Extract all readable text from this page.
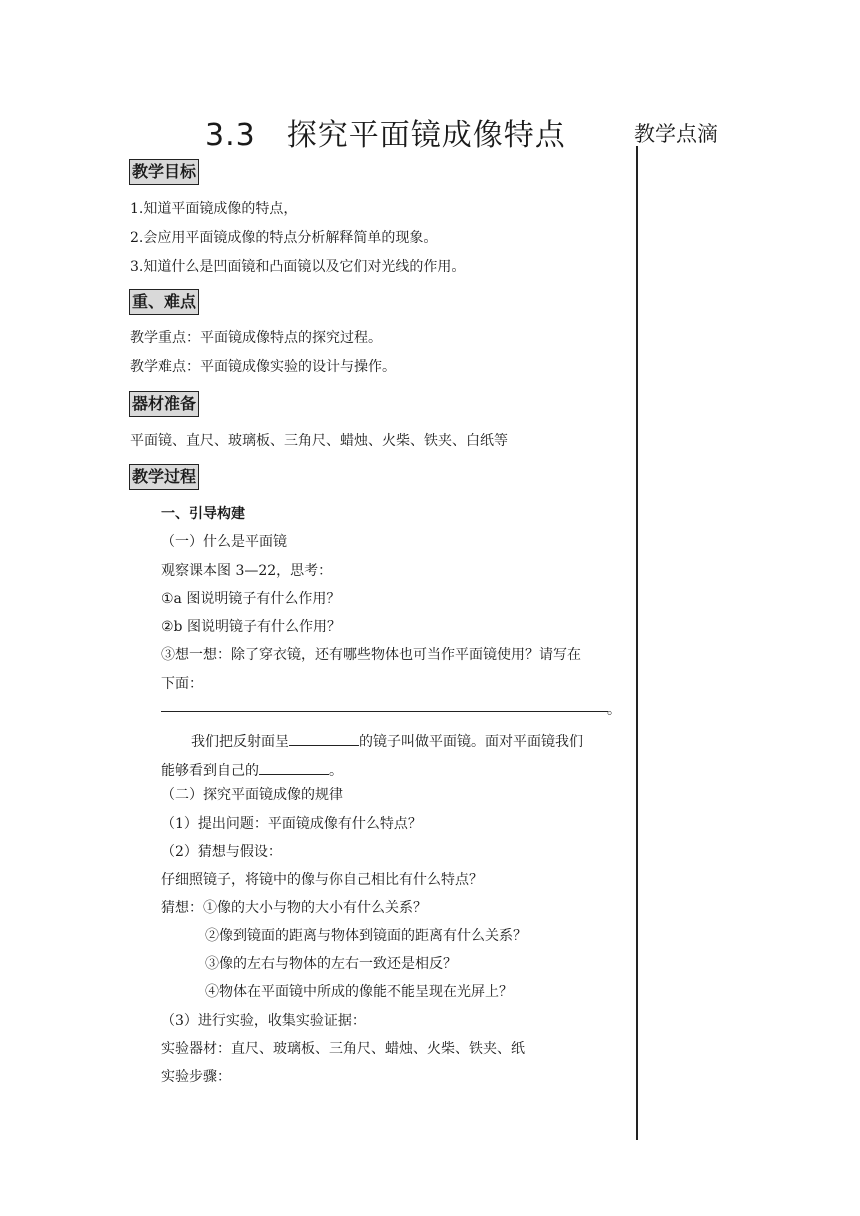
3.3　探究平面镜成像特点	教学点滴
教学目标
1.知道平面镜成像的特点，
2.会应用平面镜成像的特点分析解释简单的现象。
3.知道什么是凹面镜和凸面镜以及它们对光线的作用。
重、难点
教学重点：平面镜成像特点的探究过程。
教学难点：平面镜成像实验的设计与操作。
器材准备
平面镜、直尺、玻璃板、三角尺、蜡烛、火柴、铁夹、白纸等
教学过程
一、引导构建
（一）什么是平面镜
观察课本图 3—22，思考：
①a 图说明镜子有什么作用？
②b 图说明镜子有什么作用？
③想一想：除了穿衣镜，还有哪些物体也可当作平面镜使用？请写在
下面：
。
我们把反射面呈	的镜子叫做平面镜。面对平面镜我们
能够看到自己的	。
（二）探究平面镜成像的规律
（1）提出问题：平面镜成像有什么特点？
（2）猜想与假设：
仔细照镜子，将镜中的像与你自己相比有什么特点？
猜想：①像的大小与物的大小有什么关系？
②像到镜面的距离与物体到镜面的距离有什么关系？
③像的左右与物体的左右一致还是相反？
④物体在平面镜中所成的像能不能呈现在光屏上？
（3）进行实验，收集实验证据：
实验器材：直尺、玻璃板、三角尺、蜡烛、火柴、铁夹、纸
实验步骤：
